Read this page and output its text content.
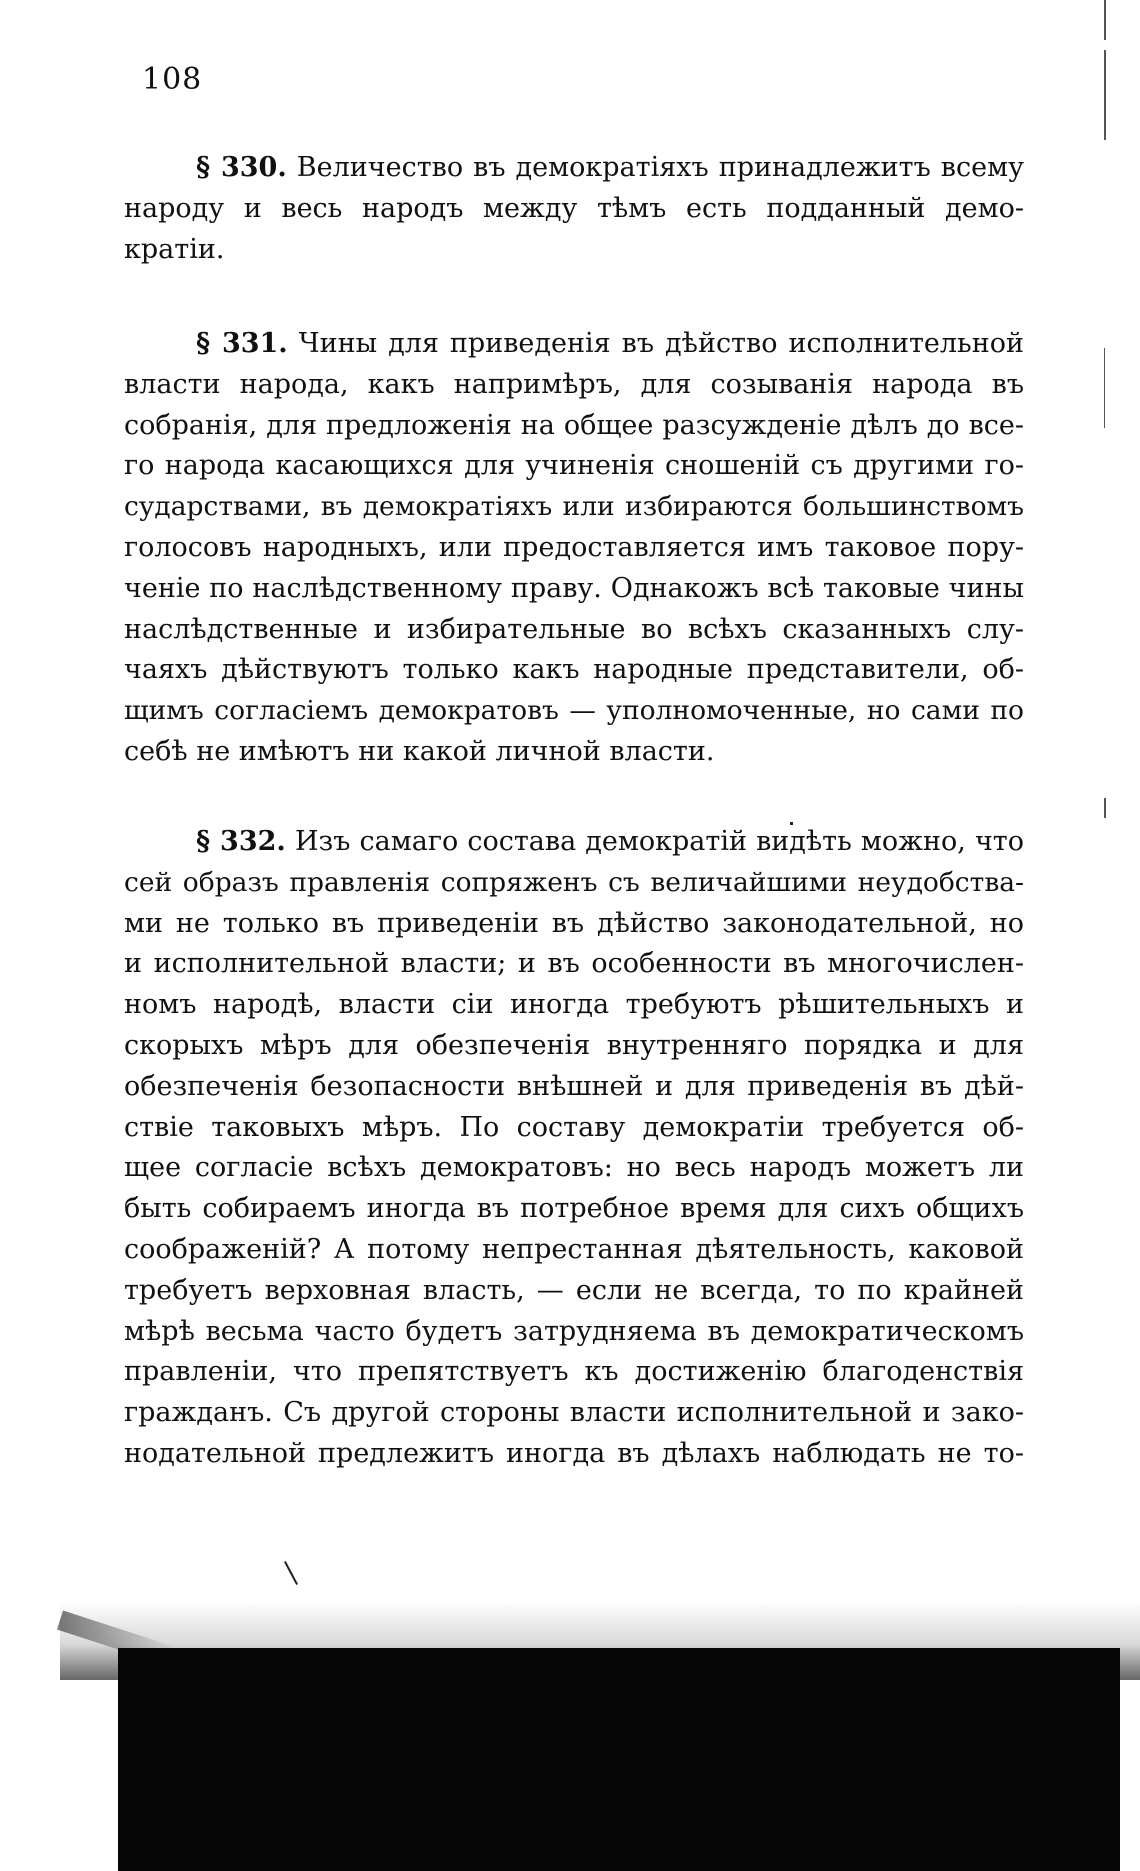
108
§ 330. Величество въ демократiяхъ принадлежитъ всему
народу и весь народъ между тѣмъ есть подданный демо-
кратiи.
§ 331. Чины для приведенiя въ дѣйство исполнительной
власти народа, какъ напримѣръ, для созыванiя народа въ
собранiя, для предложенiя на общее разсужденiе дѣлъ до все-
го народа касающихся для учиненiя сношенiй съ другими го-
сударствами, въ демократiяхъ или избираются большинствомъ
голосовъ народныхъ, или предоставляется имъ таковое пору-
ченiе по наслѣдственному праву. Однакожъ всѣ таковые чины
наслѣдственные и избирательные во всѣхъ сказанныхъ слу-
чаяхъ дѣйствуютъ только какъ народные представители, об-
щимъ согласiемъ демократовъ — уполномоченные, но сами по
себѣ не имѣютъ ни какой личной власти.
§ 332. Изъ самаго состава демократiй видѣть можно, что
сей образъ правленiя сопряженъ съ величайшими неудобства-
ми не только въ приведенiи въ дѣйство законодательной, но
и исполнительной власти; и въ особенности въ многочислен-
номъ народѣ, власти сiи иногда требуютъ рѣшительныхъ и
скорыхъ мѣръ для обезпеченiя внутренняго порядка и для
обезпеченiя безопасности внѣшней и для приведенiя въ дѣй-
ствiе таковыхъ мѣръ. По составу демократiи требуется об-
щее согласiе всѣхъ демократовъ: но весь народъ можетъ ли
быть собираемъ иногда въ потребное время для сихъ общихъ
соображенiй? А потому непрестанная дѣятельность, каковой
требуетъ верховная власть, — если не всегда, то по крайней
мѣрѣ весьма часто будетъ затрудняема въ демократическомъ
правленiи, что препятствуетъ къ достиженiю благоденствiя
гражданъ. Съ другой стороны власти исполнительной и зако-
нодательной предлежитъ иногда въ дѣлахъ наблюдать не то-
